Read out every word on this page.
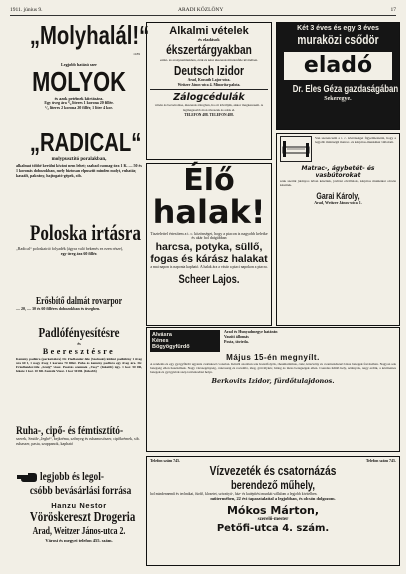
1911. június 9.	ARADI KÖZLÖNY	17
„Molyhalál!“
1189
Legjobb hatású szer
MOLYOK
és azok petéinek kiirtására.
Egy üveg ára ¹/₄ literes 1 korona 20 fillér.
¹/₂ literes 2 korona 20 fillér, 1 liter 4 kor.
„RADICAL“
molypusztító poralakban,
alkalmat többé kerülni kívánt nem lehet; szabad csomag-ára 1 K. — 50 és 1 koronás dobozokban, mely biztosan elpusztít minden molyt, ruhatár, kaszált, pakrány, hajtogató-gépek, stb.
Poloska irtásra
„Radical“ poloskairtó folyadék (ágyra való bekenés ez ezen része),
egy üveg ára 60 fillér.
Erősbítő dalmát rovarpor
— 20, — 30 és 60 filléres dobozokban és üvegben.
Padlófényesítésre
és
Beeresztésre
Kemény padlóra (parkettákra) Dr. Fiedlander-féle (Szolnoki) kitűnő padlófény 1 üveg ára 60 f, 1 nagy üveg 1 korona 70 fillér. Puha és kemény padlóra egy üveg ára. Dr. Friedlander-féle „Szalg“ viasz. Pasztás szemnek „Vasy“ (Inkabb) úgy. 1 kor. 50 fill, fekete 1 kor. 10 fill. Zomsik Viasz. 1 kor 30 fill. (Inkabb)
Ruha-, cipő- és fémtisztító-
szerek, Smith-„Jegbé“, bejkréma, szőnyeg és ruhamosószer, cipőkrémek, stb. ruhaszer, pasta, szappanok, kapható
legjobb és legol-
csóbb bevásárlási forrása
Hanzu Nestor
Vöröskereszt Drogeria
Arad, Weitzer János-utca 2.
Városi és megyei telefon 455. szám.
Alkalmi vételek
és eladások
ékszertárgyakban
ezüst- és aranyneműekben, órák és kész ékszerek mindenféle kivitelben.
Deutsch Izidor
Arad, Kossuth Lajos-utca.
Weitzer János-utca 4. Minorita-palota.
Zálogcédulák
vétele és becsérolése, ékszerek zálogban, ha ott kiváltják, akkor megkeresem. A legmagasabb áron átveszek és adok el.
TELEFON 488. TELEFON 488.
Élő
halak!
Tisztelettel értesítem a t. c. közönséget, hogy a piacon is nagyobb keletke és akár hol drágábban
harcsa, potyka, süllő, fogas és kárász halakat
a mai napon is naponta kapható. A halak ára a vásár a piaci napokon a piacra.
Scheer Lajos.
Két 3 éves és egy 3 éves
muraközi csődör
eladó
Dr. Eles Géza gazdaságában
Sekeregye.
Van szerencsém a t. c. közönséget figyelmeztetni, hogy a legjobb minőségű matrac- és kárpitos-munkákat vállalom.
Matrac-, ágybetét- és vasbútorokat
szak szerint jutányos árban készítek, javítást elvállalok, kárpitos munkákat olcsón készítek.
Garai Károly,
Arad, Weitzer János-utca 1.
Alvásra
Kénes
Bögyögyfürdő
Arad és Hunyadmegye határán
Vasúti állomás
Posta, távírda.
Május 15-én megnyílt.
A rendelés és egy gyógyfürdő ugyanis csatlakozó vonalon. Kéntől azonban sok hozzáfolyók, rheumatizmus, csúz, köszvény és csontrendszeri lázas betegek forrásában. Nagyon sok betegség ellen használnak. Nagy vérszegénység, csúzosság és rozsdáló, ideg, görvélykór, hideg és lázas betegségek ellen. Csendes üdülő hely, sétányok, nagy erdők, a kórmentes betegek és gyógyulók szép tartózkodási helye.
Berkovits Izidor, fürdőtulajdonos.
Telefon szám 745.	Telefon szám 745.
Vízvezeték és csatornázás
berendező műhely,
hol mindennemű és technikai, fürdő, klozetet, szivattyú-, ház- és kutépítési munkát vállalom a legjobb kivitelben.
műtermében, 22 évi tapasztalattal a legjobban, és olcsón dolgozom.
Mókos Márton,
szerelő-mester
Petőfi-utca 4. szám.
